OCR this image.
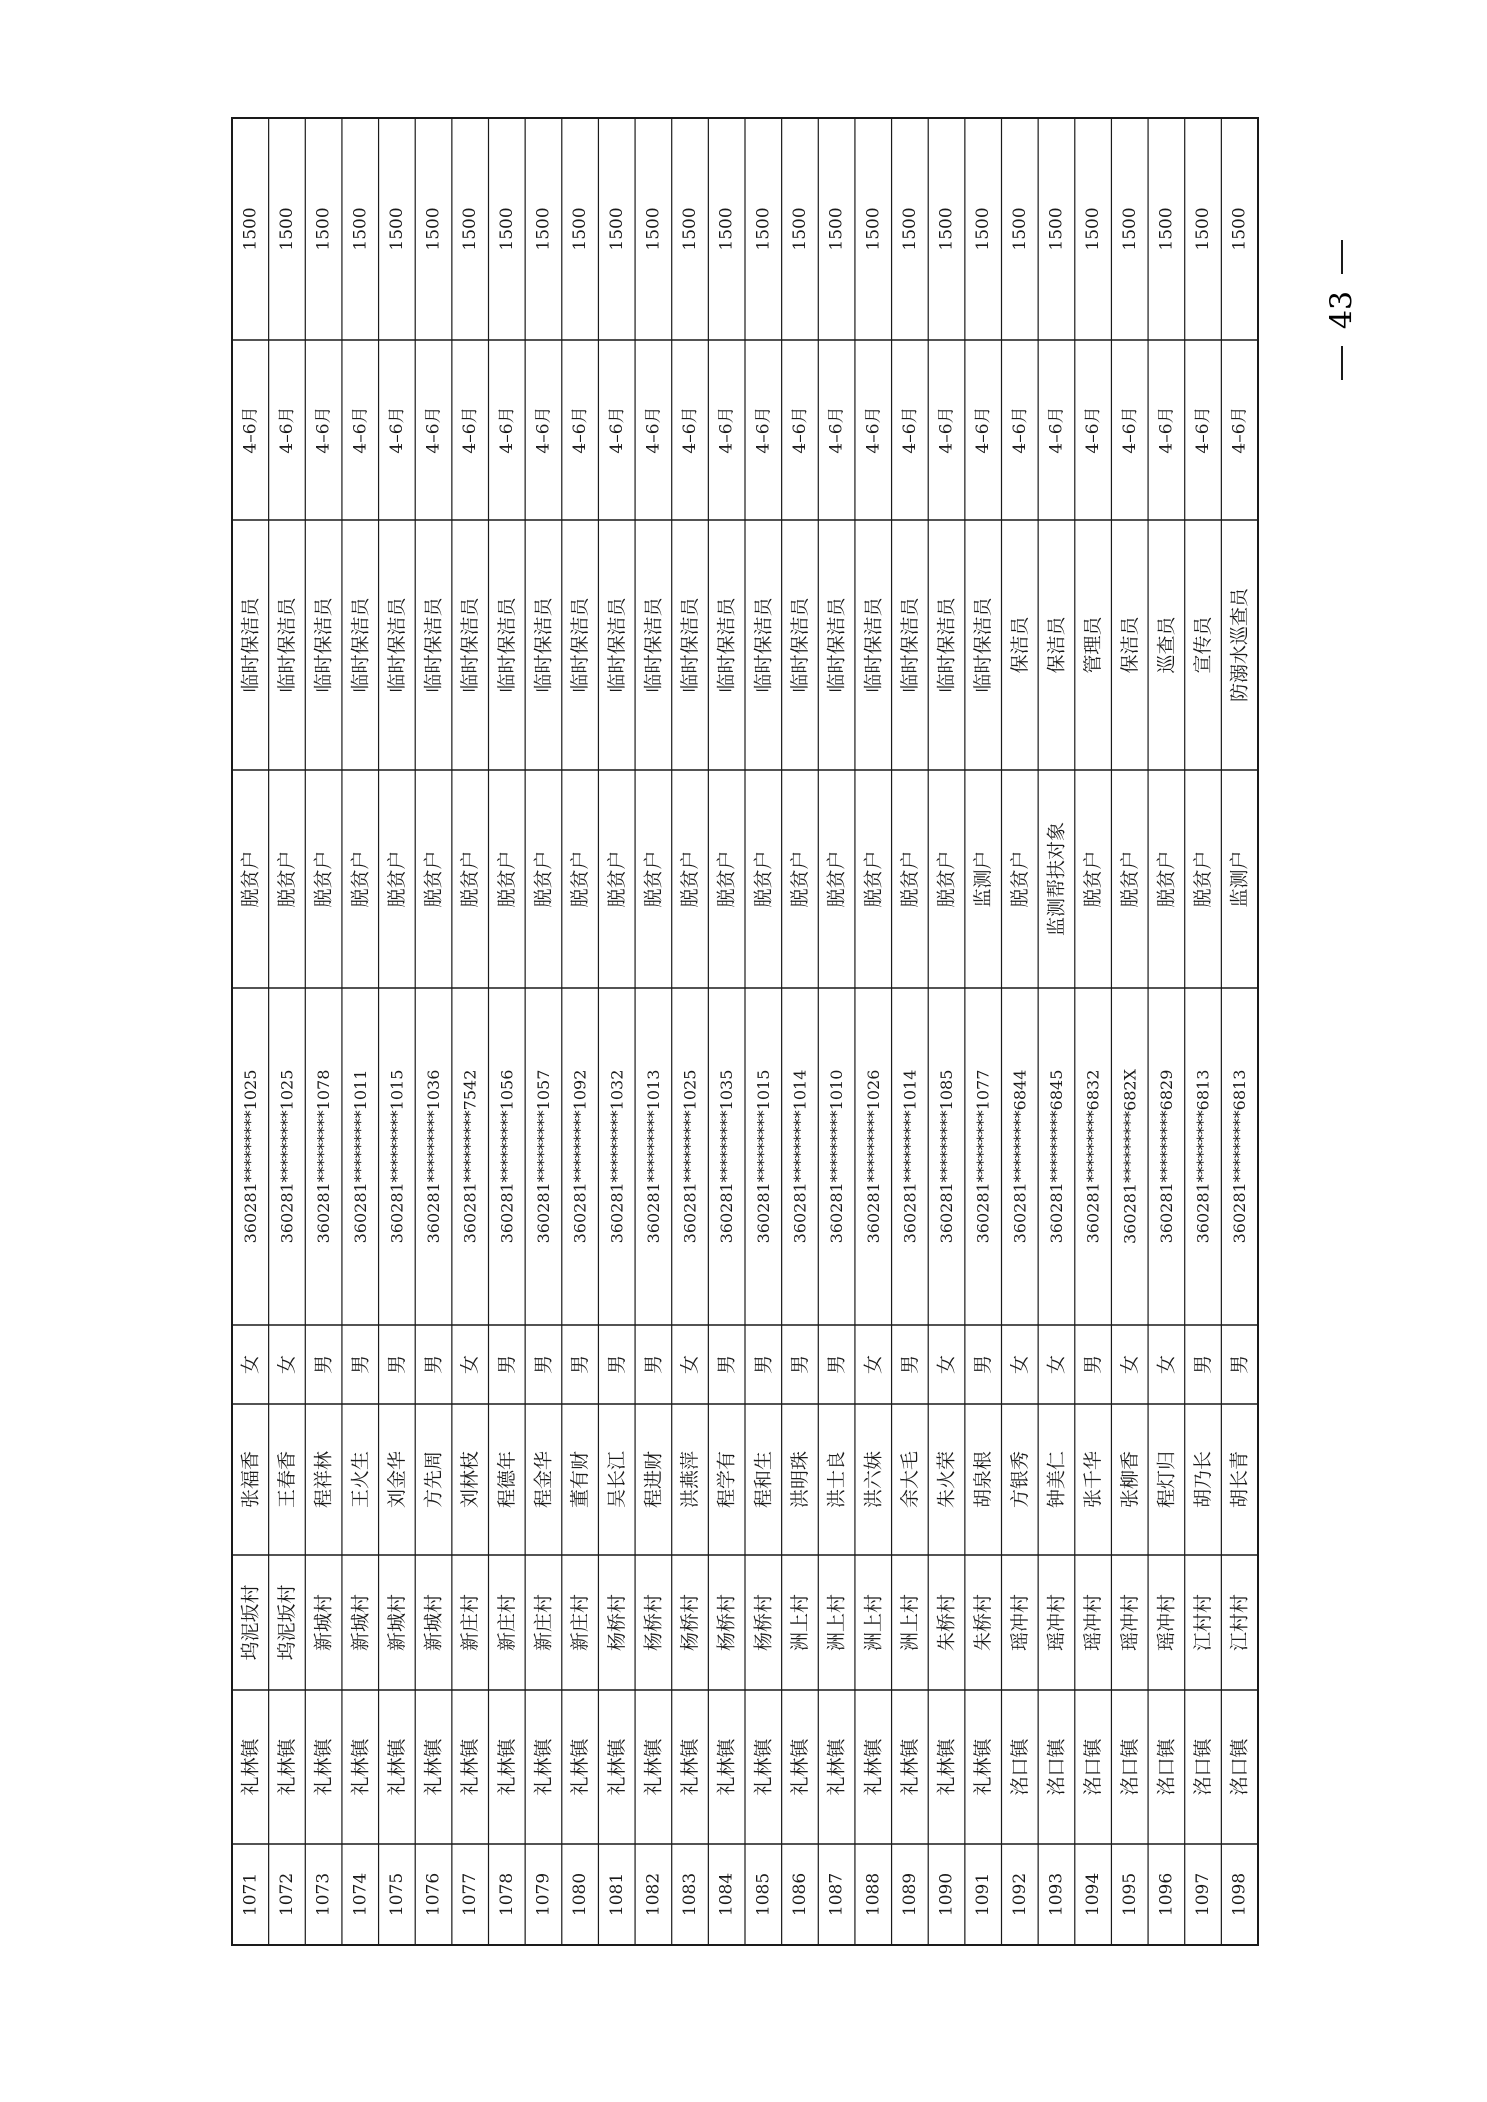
1071
礼林镇
坞泥坂村
张福香
女
360281*********1025
脱贫户
临时保洁员
4–6月
1500
1072
礼林镇
坞泥坂村
王春香
女
360281*********1025
脱贫户
临时保洁员
4–6月
1500
1073
礼林镇
新城村
程祥林
男
360281*********1078
脱贫户
临时保洁员
4–6月
1500
1074
礼林镇
新城村
王火生
男
360281*********1011
脱贫户
临时保洁员
4–6月
1500
1075
礼林镇
新城村
刘金华
男
360281*********1015
脱贫户
临时保洁员
4–6月
1500
1076
礼林镇
新城村
方先周
男
360281*********1036
脱贫户
临时保洁员
4–6月
1500
1077
礼林镇
新庄村
刘林枝
女
360281*********7542
脱贫户
临时保洁员
4–6月
1500
1078
礼林镇
新庄村
程德年
男
360281*********1056
脱贫户
临时保洁员
4–6月
1500
1079
礼林镇
新庄村
程金华
男
360281*********1057
脱贫户
临时保洁员
4–6月
1500
1080
礼林镇
新庄村
董有财
男
360281*********1092
脱贫户
临时保洁员
4–6月
1500
1081
礼林镇
杨桥村
吴长江
男
360281*********1032
脱贫户
临时保洁员
4–6月
1500
1082
礼林镇
杨桥村
程进财
男
360281*********1013
脱贫户
临时保洁员
4–6月
1500
1083
礼林镇
杨桥村
洪燕萍
女
360281*********1025
脱贫户
临时保洁员
4–6月
1500
1084
礼林镇
杨桥村
程学有
男
360281*********1035
脱贫户
临时保洁员
4–6月
1500
1085
礼林镇
杨桥村
程和生
男
360281*********1015
脱贫户
临时保洁员
4–6月
1500
1086
礼林镇
洲上村
洪明珠
男
360281*********1014
脱贫户
临时保洁员
4–6月
1500
1087
礼林镇
洲上村
洪士良
男
360281*********1010
脱贫户
临时保洁员
4–6月
1500
1088
礼林镇
洲上村
洪六妹
女
360281*********1026
脱贫户
临时保洁员
4–6月
1500
1089
礼林镇
洲上村
余大毛
男
360281*********1014
脱贫户
临时保洁员
4–6月
1500
1090
礼林镇
朱桥村
朱火荣
女
360281*********1085
脱贫户
临时保洁员
4–6月
1500
1091
礼林镇
朱桥村
胡泉根
男
360281*********1077
监测户
临时保洁员
4–6月
1500
1092
洺口镇
瑶冲村
方银秀
女
360281*********6844
脱贫户
保洁员
4–6月
1500
1093
洺口镇
瑶冲村
钟美仁
女
360281*********6845
监测帮扶对象
保洁员
4–6月
1500
1094
洺口镇
瑶冲村
张千华
男
360281*********6832
脱贫户
管理员
4–6月
1500
1095
洺口镇
瑶冲村
张柳香
女
360281*********682X
脱贫户
保洁员
4–6月
1500
1096
洺口镇
瑶冲村
程灯归
女
360281*********6829
脱贫户
巡查员
4–6月
1500
1097
洺口镇
江村村
胡乃长
男
360281*********6813
脱贫户
宣传员
4–6月
1500
1098
洺口镇
江村村
胡长青
男
360281*********6813
监测户
防溺水巡查员
4–6月
1500
43
